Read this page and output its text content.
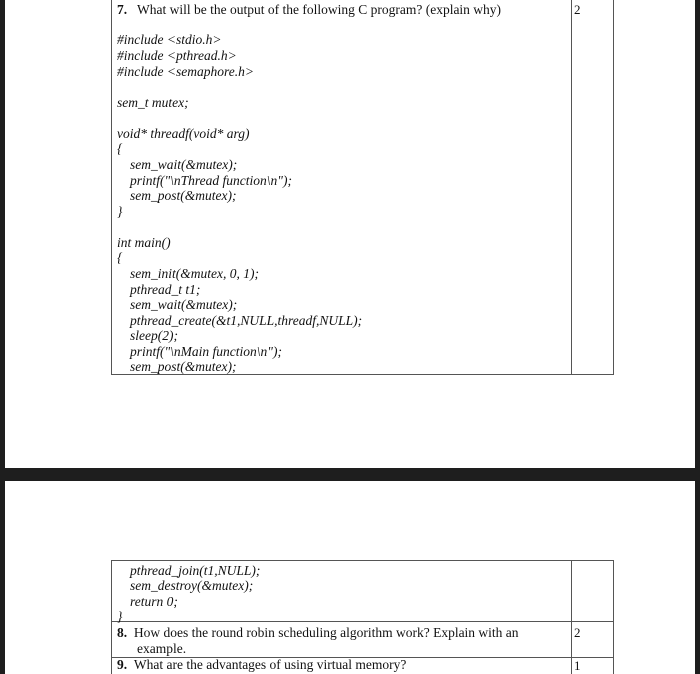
7. What will be the output of the following C program? (explain why)	2
#include <stdio.h>
#include <pthread.h>
#include <semaphore.h>
sem_t mutex;
void* threadf(void* arg)
{
sem_wait(&mutex);
printf("\nThread function\n");
sem_post(&mutex);
}
int main()
{
sem_init(&mutex, 0, 1);
pthread_t t1;
sem_wait(&mutex);
pthread_create(&t1,NULL,threadf,NULL);
sleep(2);
printf("\nMain function\n");
sem_post(&mutex);
pthread_join(t1,NULL);
sem_destroy(&mutex);
return 0;
}
8. How does the round robin scheduling algorithm work? Explain with an
example.
2
9. What are the advantages of using virtual memory?	1
